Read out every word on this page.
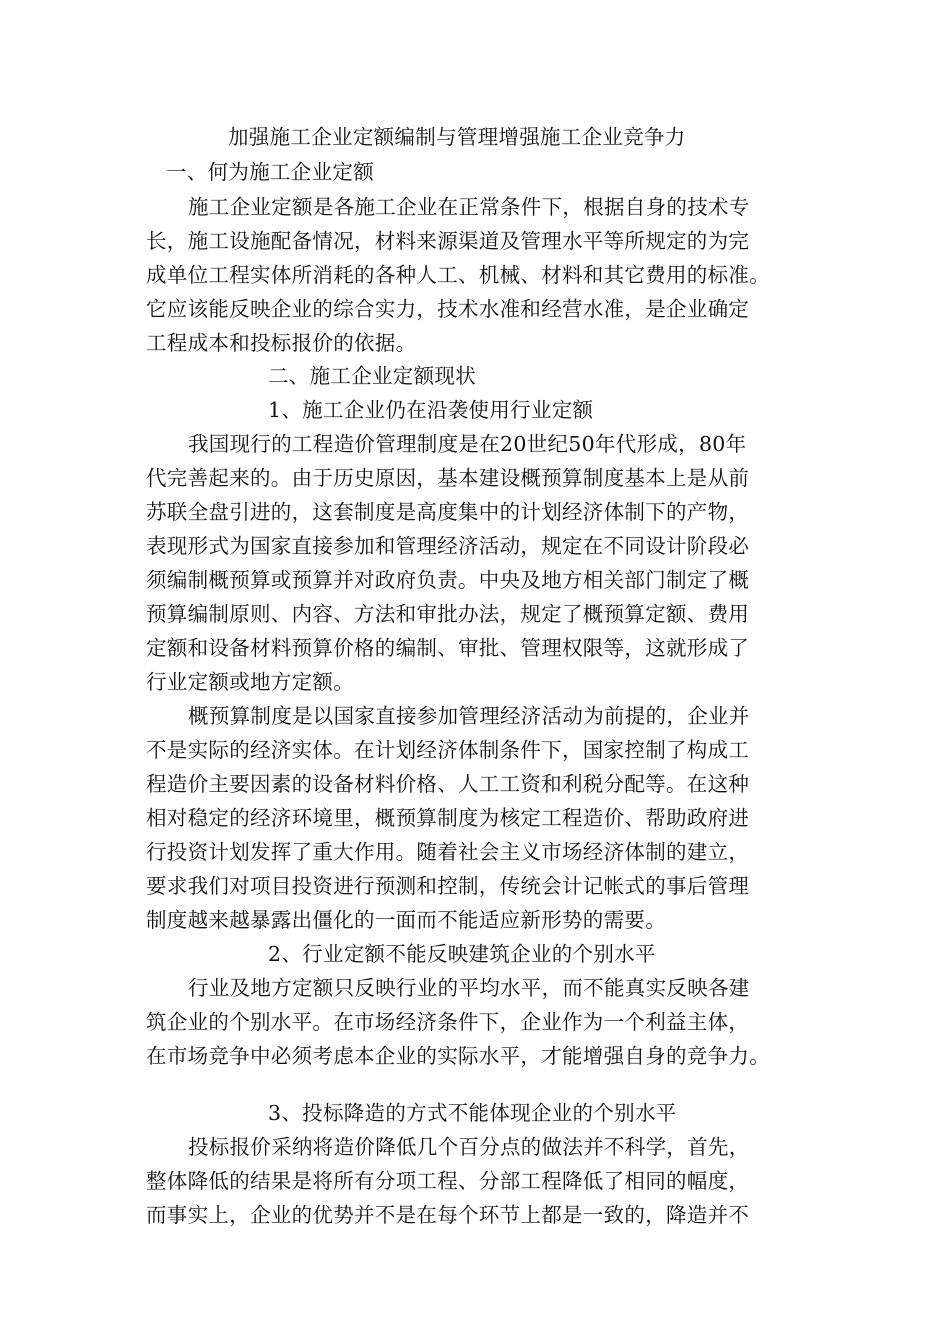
加强施工企业定额编制与管理增强施工企业竞争力
一、何为施工企业定额
施工企业定额是各施工企业在正常条件下，根据自身的技术专
长，施工设施配备情况，材料来源渠道及管理水平等所规定的为完
成单位工程实体所消耗的各种人工、机械、材料和其它费用的标准。
它应该能反映企业的综合实力，技术水准和经营水准，是企业确定
工程成本和投标报价的依据。
二、施工企业定额现状
1、施工企业仍在沿袭使用行业定额
我国现行的工程造价管理制度是在20世纪50年代形成，80年
代完善起来的。由于历史原因，基本建设概预算制度基本上是从前
苏联全盘引进的，这套制度是高度集中的计划经济体制下的产物，
表现形式为国家直接参加和管理经济活动，规定在不同设计阶段必
须编制概预算或预算并对政府负责。中央及地方相关部门制定了概
预算编制原则、内容、方法和审批办法，规定了概预算定额、费用
定额和设备材料预算价格的编制、审批、管理权限等，这就形成了
行业定额或地方定额。
概预算制度是以国家直接参加管理经济活动为前提的，企业并
不是实际的经济实体。在计划经济体制条件下，国家控制了构成工
程造价主要因素的设备材料价格、人工工资和利税分配等。在这种
相对稳定的经济环境里，概预算制度为核定工程造价、帮助政府进
行投资计划发挥了重大作用。随着社会主义市场经济体制的建立，
要求我们对项目投资进行预测和控制，传统会计记帐式的事后管理
制度越来越暴露出僵化的一面而不能适应新形势的需要。
2、行业定额不能反映建筑企业的个别水平
行业及地方定额只反映行业的平均水平，而不能真实反映各建
筑企业的个别水平。在市场经济条件下，企业作为一个利益主体，
在市场竞争中必须考虑本企业的实际水平，才能增强自身的竞争力。
3、投标降造的方式不能体现企业的个别水平
投标报价采纳将造价降低几个百分点的做法并不科学，首先，
整体降低的结果是将所有分项工程、分部工程降低了相同的幅度，
而事实上，企业的优势并不是在每个环节上都是一致的，降造并不
